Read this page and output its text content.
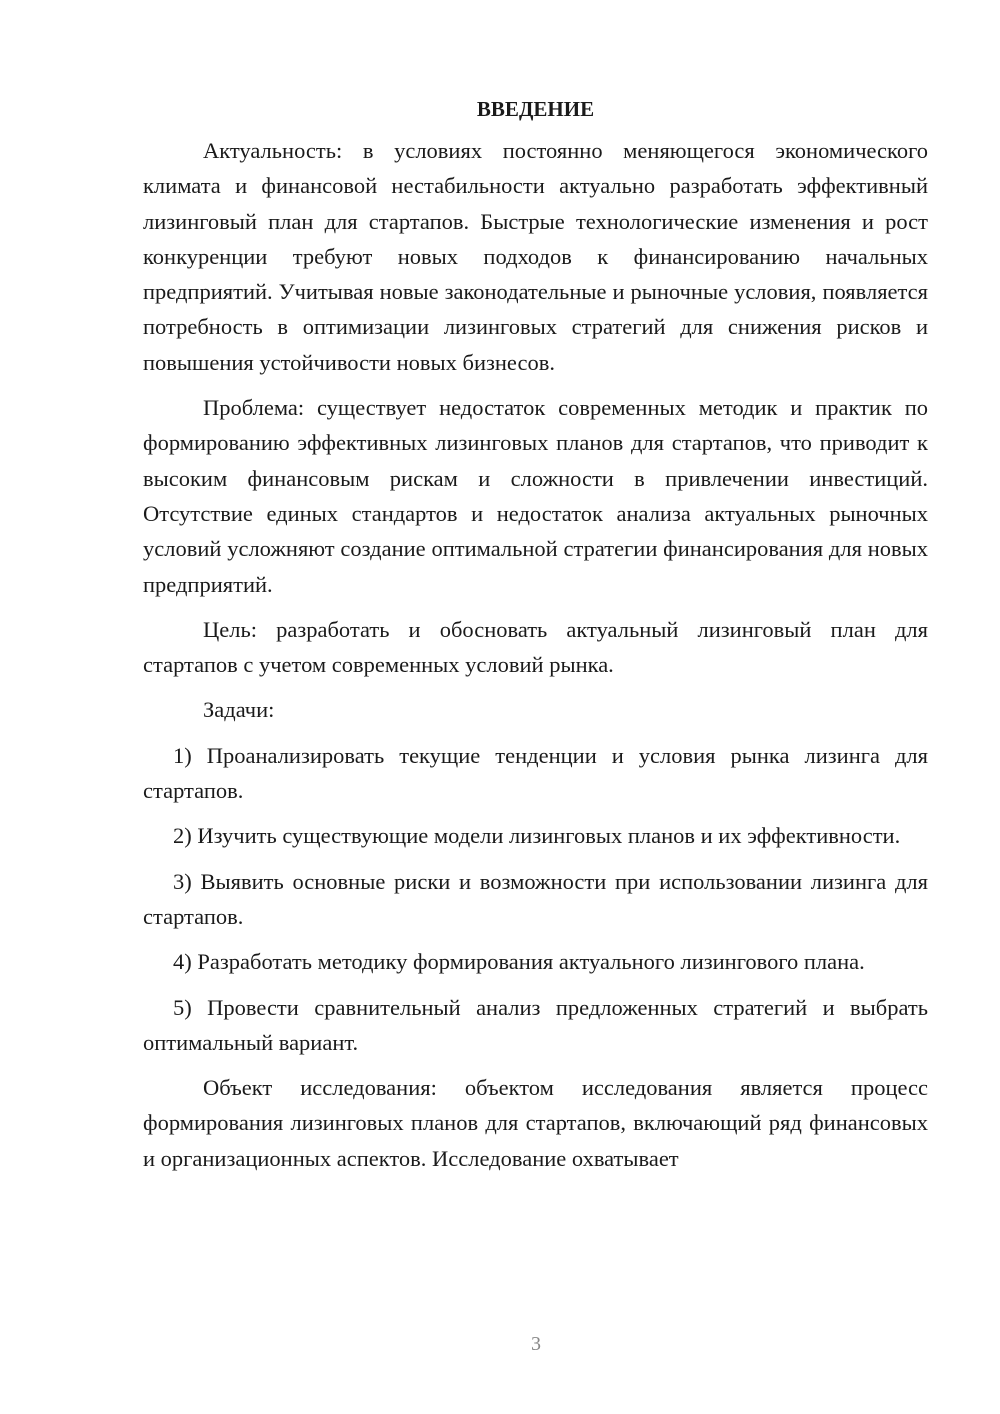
ВВЕДЕНИЕ

Актуальность: в условиях постоянно меняющегося экономического климата и финансовой нестабильности актуально разработать эффективный лизинговый план для стартапов. Быстрые технологические изменения и рост конкуренции требуют новых подходов к финансированию начальных предприятий. Учитывая новые законодательные и рыночные условия, появляется потребность в оптимизации лизинговых стратегий для снижения рисков и повышения устойчивости новых бизнесов.

Проблема: существует недостаток современных методик и практик по формированию эффективных лизинговых планов для стартапов, что приводит к высоким финансовым рискам и сложности в привлечении инвестиций. Отсутствие единых стандартов и недостаток анализа актуальных рыночных условий усложняют создание оптимальной стратегии финансирования для новых предприятий.

Цель: разработать и обосновать актуальный лизинговый план для стартапов с учетом современных условий рынка.

Задачи:

1) Проанализировать текущие тенденции и условия рынка лизинга для стартапов.

2) Изучить существующие модели лизинговых планов и их эффективности.

3) Выявить основные риски и возможности при использовании лизинга для стартапов.

4) Разработать методику формирования актуального лизингового плана.

5) Провести сравнительный анализ предложенных стратегий и выбрать оптимальный вариант.

Объект исследования: объектом исследования является процесс формирования лизинговых планов для стартапов, включающий ряд финансовых и организационных аспектов. Исследование охватывает

3
